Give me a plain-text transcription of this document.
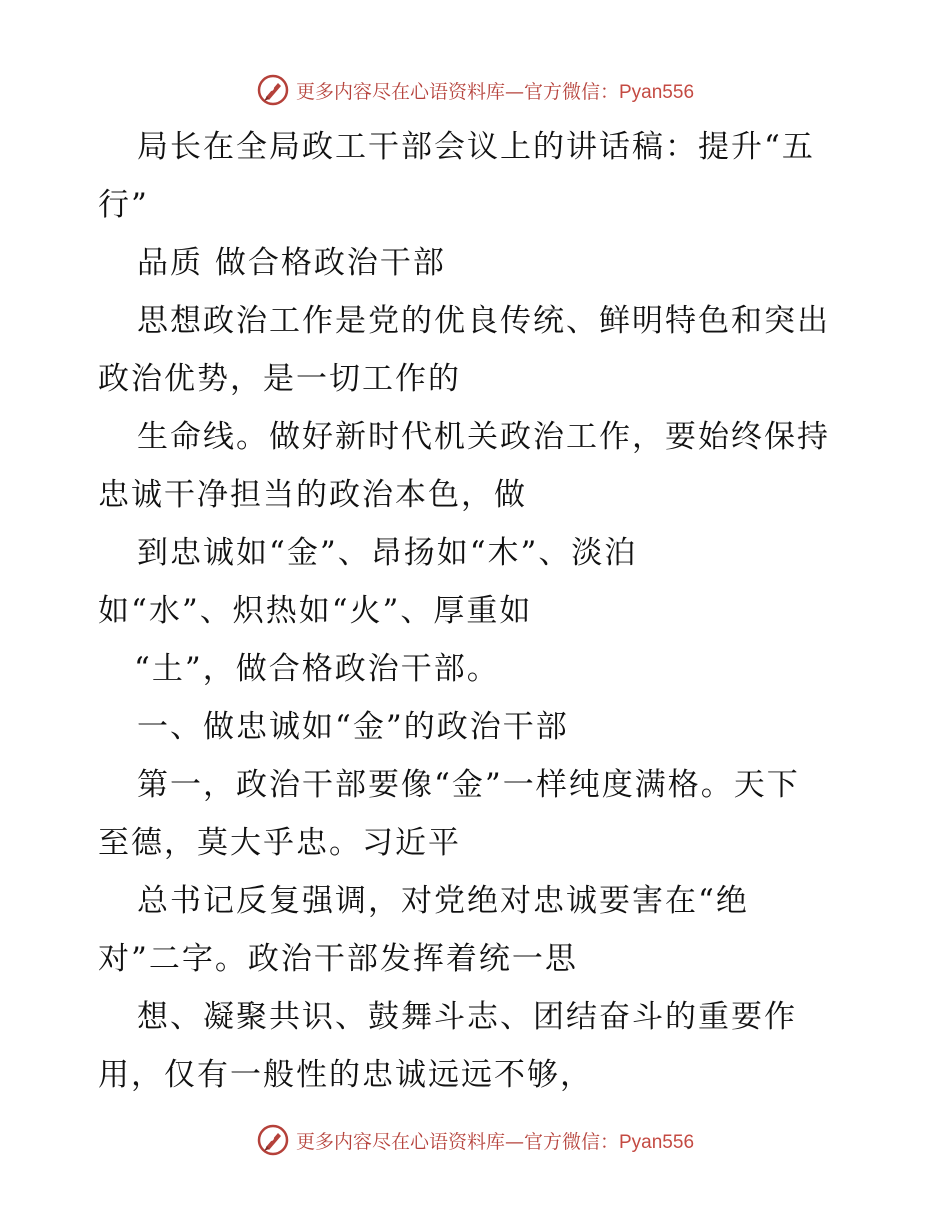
更多内容尽在心语资料库—官方微信：Pyan556
局长在全局政工干部会议上的讲话稿：提升“五
行”
品质 做合格政治干部
思想政治工作是党的优良传统、鲜明特色和突出
政治优势，是一切工作的
生命线。做好新时代机关政治工作，要始终保持
忠诚干净担当的政治本色，做
到忠诚如“金”、昂扬如“木”、淡泊
如“水”、炽热如“火”、厚重如
“土”，做合格政治干部。
一、做忠诚如“金”的政治干部
第一，政治干部要像“金”一样纯度满格。天下
至德，莫大乎忠。习近平
总书记反复强调，对党绝对忠诚要害在“绝
对”二字。政治干部发挥着统一思
想、凝聚共识、鼓舞斗志、团结奋斗的重要作
用，仅有一般性的忠诚远远不够，
更多内容尽在心语资料库—官方微信：Pyan556
